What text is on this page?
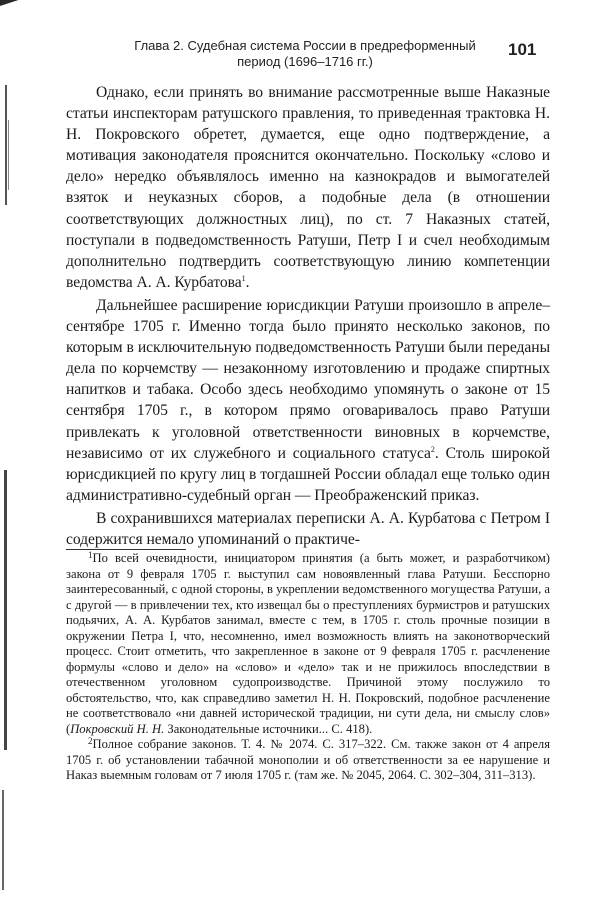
Глава 2. Судебная система России в предреформенный
период (1696–1716 гг.)
101

Однако, если принять во внимание рассмотренные выше Наказные статьи инспекторам ратушского правления, то приведенная трактовка Н. Н. Покровского обретет, думается, еще одно подтверждение, а мотивация законодателя прояснится окончательно. Поскольку «слово и дело» нередко объявлялось именно на казнокрадов и вымогателей взяток и неуказных сборов, а подобные дела (в отношении соответствующих должностных лиц), по ст. 7 Наказных статей, поступали в подведомственность Ратуши, Петр I и счел необходимым дополнительно подтвердить соответствующую линию компетенции ведомства А. А. Курбатова$^1$.

Дальнейшее расширение юрисдикции Ратуши произошло в апреле–сентябре 1705 г. Именно тогда было принято несколько законов, по которым в исключительную подведомственность Ратуши были переданы дела по корчемству — незаконному изготовлению и продаже спиртных напитков и табака. Особо здесь необходимо упомянуть о законе от 15 сентября 1705 г., в котором прямо оговаривалось право Ратуши привлекать к уголовной ответственности виновных в корчемстве, независимо от их служебного и социального статуса$^2$. Столь широкой юрисдикцией по кругу лиц в тогдашней России обладал еще только один административно-судебный орган — Преображенский приказ.

В сохранившихся материалах переписки А. А. Курбатова с Петром I содержится немало упоминаний о практиче-

$^1$По всей очевидности, инициатором принятия (а быть может, и разработчиком) закона от 9 февраля 1705 г. выступил сам новоявленный глава Ратуши. Бесспорно заинтересованный, с одной стороны, в укреплении ведомственного могущества Ратуши, а с другой — в привлечении тех, кто извещал бы о преступлениях бурмистров и ратушских подьячих, А. А. Курбатов занимал, вместе с тем, в 1705 г. столь прочные позиции в окружении Петра I, что, несомненно, имел возможность влиять на законотворческий процесс. Стоит отметить, что закрепленное в законе от 9 февраля 1705 г. расчленение формулы «слово и дело» на «слово» и «дело» так и не прижилось впоследствии в отечественном уголовном судопроизводстве. Причиной этому послужило то обстоятельство, что, как справедливо заметил Н. Н. Покровский, подобное расчленение не соответствовало «ни давней исторической традиции, ни сути дела, ни смыслу слов» (Покровский Н. Н. Законодательные источники... С. 418).

$^2$Полное собрание законов. Т. 4. № 2074. С. 317–322. См. также закон от 4 апреля 1705 г. об установлении табачной монополии и об ответственности за ее нарушение и Наказ выемным головам от 7 июля 1705 г. (там же. № 2045, 2064. С. 302–304, 311–313).
